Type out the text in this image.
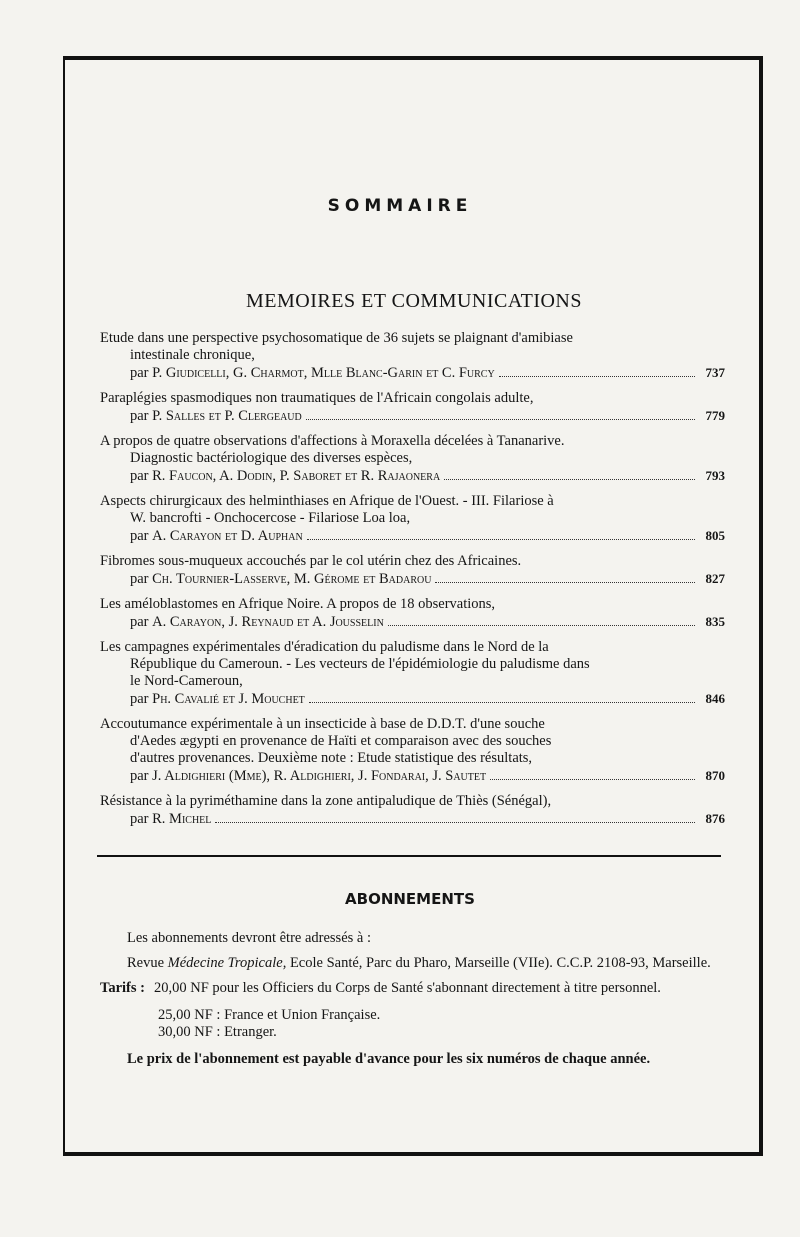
SOMMAIRE
MEMOIRES ET COMMUNICATIONS
Etude dans une perspective psychosomatique de 36 sujets se plaignant d'amibiase
intestinale chronique,
par
P. Giudicelli, G. Charmot, Mlle Blanc-Garin et C. Furcy	737
Paraplégies spasmodiques non traumatiques de l'Africain congolais adulte,
par
P. Salles et P. Clergeaud	779
A propos de quatre observations d'affections à Moraxella décelées à Tananarive.
Diagnostic bactériologique des diverses espèces,
par
R. Faucon, A. Dodin, P. Saboret et R. Rajaonera	793
Aspects chirurgicaux des helminthiases en Afrique de l'Ouest. - III. Filariose à
W. bancrofti - Onchocercose - Filariose Loa loa,
par
A. Carayon et D. Auphan	805
Fibromes sous-muqueux accouchés par le col utérin chez des Africaines.
par
Ch. Tournier-Lasserve, M. Gérome et Badarou	827
Les améloblastomes en Afrique Noire. A propos de 18 observations,
par
A. Carayon, J. Reynaud et A. Jousselin	835
Les campagnes expérimentales d'éradication du paludisme dans le Nord de la
République du Cameroun. - Les vecteurs de l'épidémiologie du paludisme dans
le Nord-Cameroun,
par
Ph. Cavalié et J. Mouchet	846
Accoutumance expérimentale à un insecticide à base de D.D.T. d'une souche
d'Aedes ægypti en provenance de Haïti et comparaison avec des souches
d'autres provenances. Deuxième note : Etude statistique des résultats,
par
J. Aldighieri (Mme), R. Aldighieri, J. Fondarai, J. Sautet	870
Résistance à la pyriméthamine dans la zone antipaludique de Thiès (Sénégal),
par
R. Michel	876
ABONNEMENTS

Les abonnements devront être adressés à :

Revue Médecine Tropicale, Ecole Santé, Parc du Pharo, Marseille (VIIe). C.C.P. 2108-93, Marseille.

Tarifs : 20,00 NF pour les Officiers du Corps de Santé s'abonnant directement à titre personnel.
25,00 NF : France et Union Française.
30,00 NF : Etranger.

Le prix de l'abonnement est payable d'avance pour les six numéros de chaque année.
